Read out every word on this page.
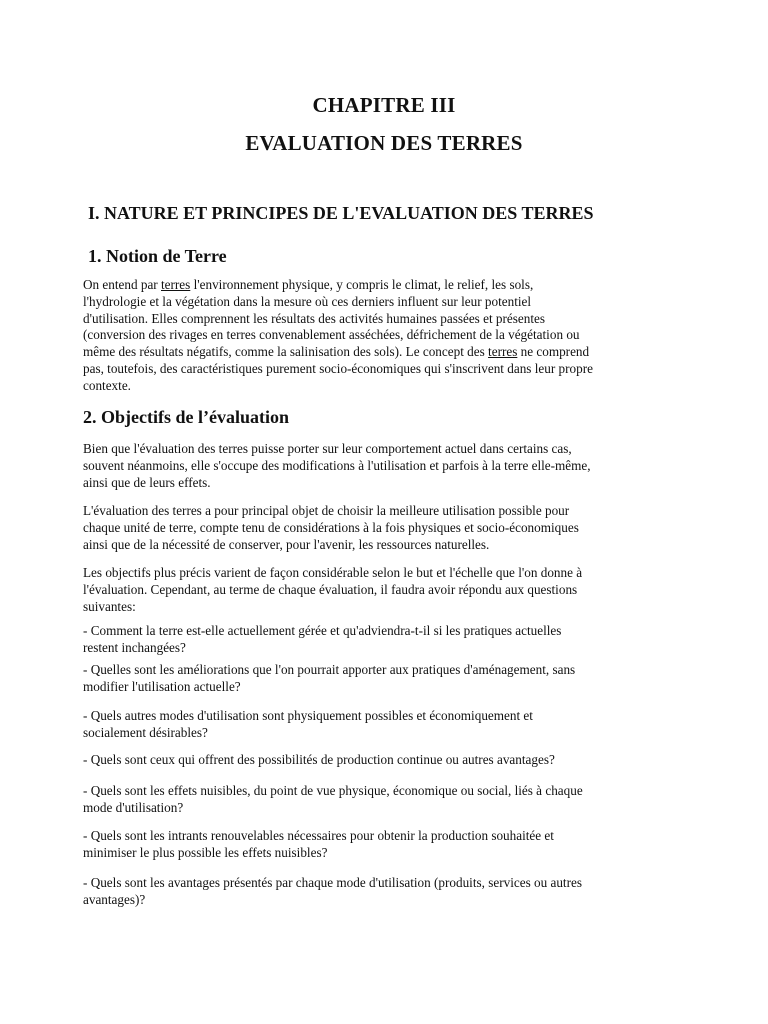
CHAPITRE III
EVALUATION DES TERRES
I. NATURE ET PRINCIPES DE L'EVALUATION DES TERRES
1. Notion de Terre

On entend par terres l'environnement physique, y compris le climat, le relief, les sols,
l'hydrologie et la végétation dans la mesure où ces derniers influent sur leur potentiel
d'utilisation. Elles comprennent les résultats des activités humaines passées et présentes
(conversion des rivages en terres convenablement asséchées, défrichement de la végétation ou
même des résultats négatifs, comme la salinisation des sols). Le concept des terres ne comprend
pas, toutefois, des caractéristiques purement socio-économiques qui s'inscrivent dans leur propre
contexte.

2. Objectifs de l’évaluation

Bien que l'évaluation des terres puisse porter sur leur comportement actuel dans certains cas,
souvent néanmoins, elle s'occupe des modifications à l'utilisation et parfois à la terre elle-même,
ainsi que de leurs effets.

L'évaluation des terres a pour principal objet de choisir la meilleure utilisation possible pour
chaque unité de terre, compte tenu de considérations à la fois physiques et socio-économiques
ainsi que de la nécessité de conserver, pour l'avenir, les ressources naturelles.

Les objectifs plus précis varient de façon considérable selon le but et l'échelle que l'on donne à
l'évaluation. Cependant, au terme de chaque évaluation, il faudra avoir répondu aux questions
suivantes:

- Comment la terre est-elle actuellement gérée et qu'adviendra-t-il si les pratiques actuelles
restent inchangées?

- Quelles sont les améliorations que l'on pourrait apporter aux pratiques d'aménagement, sans
modifier l'utilisation actuelle?

- Quels autres modes d'utilisation sont physiquement possibles et économiquement et
socialement désirables?

- Quels sont ceux qui offrent des possibilités de production continue ou autres avantages?

- Quels sont les effets nuisibles, du point de vue physique, économique ou social, liés à chaque
mode d'utilisation?

- Quels sont les intrants renouvelables nécessaires pour obtenir la production souhaitée et
minimiser le plus possible les effets nuisibles?

- Quels sont les avantages présentés par chaque mode d'utilisation (produits, services ou autres
avantages)?
